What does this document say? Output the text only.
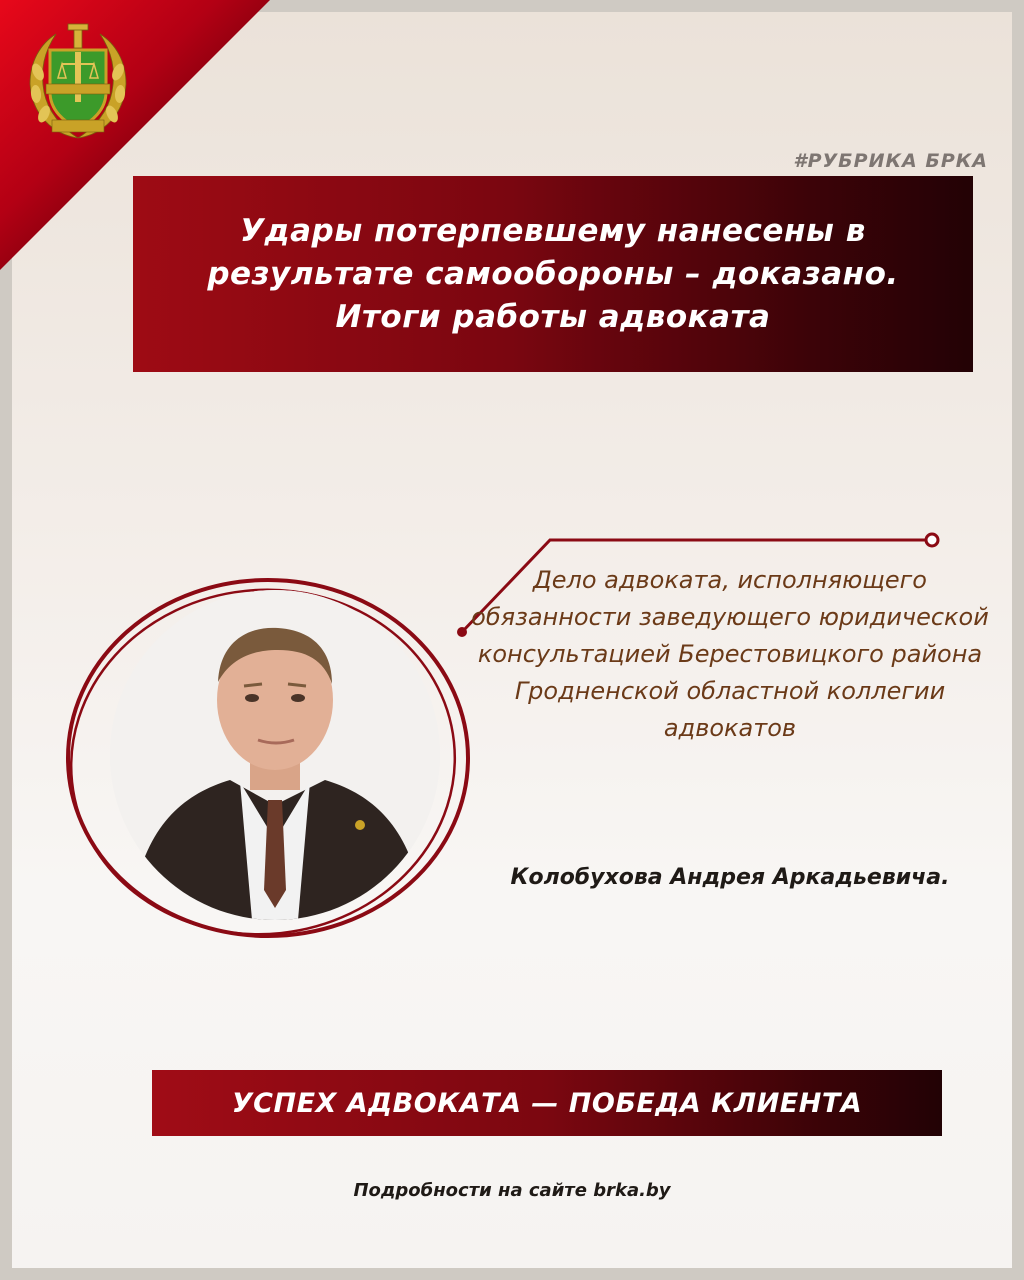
#РУБРИКА БРКА
Удары потерпевшему нанесены в результате самообороны – доказано. Итоги работы адвоката

Дело адвоката, исполняющего обязанности заведующего юридической консультацией Берестовицкого района Гродненской областной коллегии адвокатов

Колобухова Андрея Аркадьевича.

УСПЕХ АДВОКАТА — ПОБЕДА КЛИЕНТА
Подробности на сайте brka.by
